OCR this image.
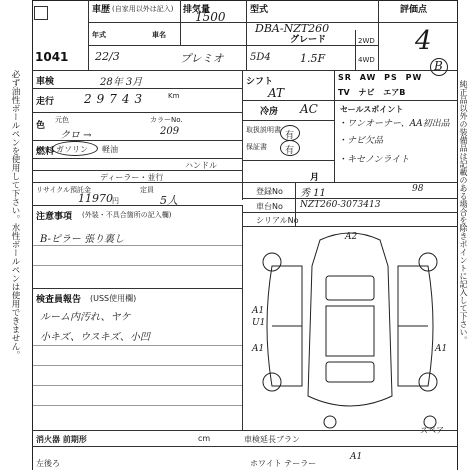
必ず油性ボールペンを使用して下さい。水性ボールペンは使用できません。	純正品以外の装備品は記載のある場合を除きポイントに記入して下さい。
1041
車歴 (自家用以外は記入) 排気量
1500	型式
DBA-NZT260
評価点
4
年式
22/3
車名
プレミオ	5D4
グレード
1.5F
2WD
4WD
車検	28年 3月
走行 29743	Km
色
元色
クロ →
カラーNo.
209
燃料 ガソリン 軽油
ハンドル
ディーラー・並行
リサイクル預託金
11970 円
定員
5人
シフト
AT
冷房 AC
取扱説明書
有
保証書 有
月
SR AW PS PW
TV ナビ エアB
B
セールスポイント
・ワンオーナー、AA初出品
・ナビ欠品
・キセノンライト
登録No 秀 11	98
車台No NZT260-3073413
シリアルNo
注意事項 (外装・不具合箇所の記入欄)
B-ピラー 張り裏し
検査員報告 (USS使用欄)
ルーム内汚れ、ヤケ
小キズ、ウスキズ、小凹
A2
A1
A1
U1
A1
A1
スペア
消火器 前期形	cm	車検延長ブラン
左後ろ	ホワイト テーラー
